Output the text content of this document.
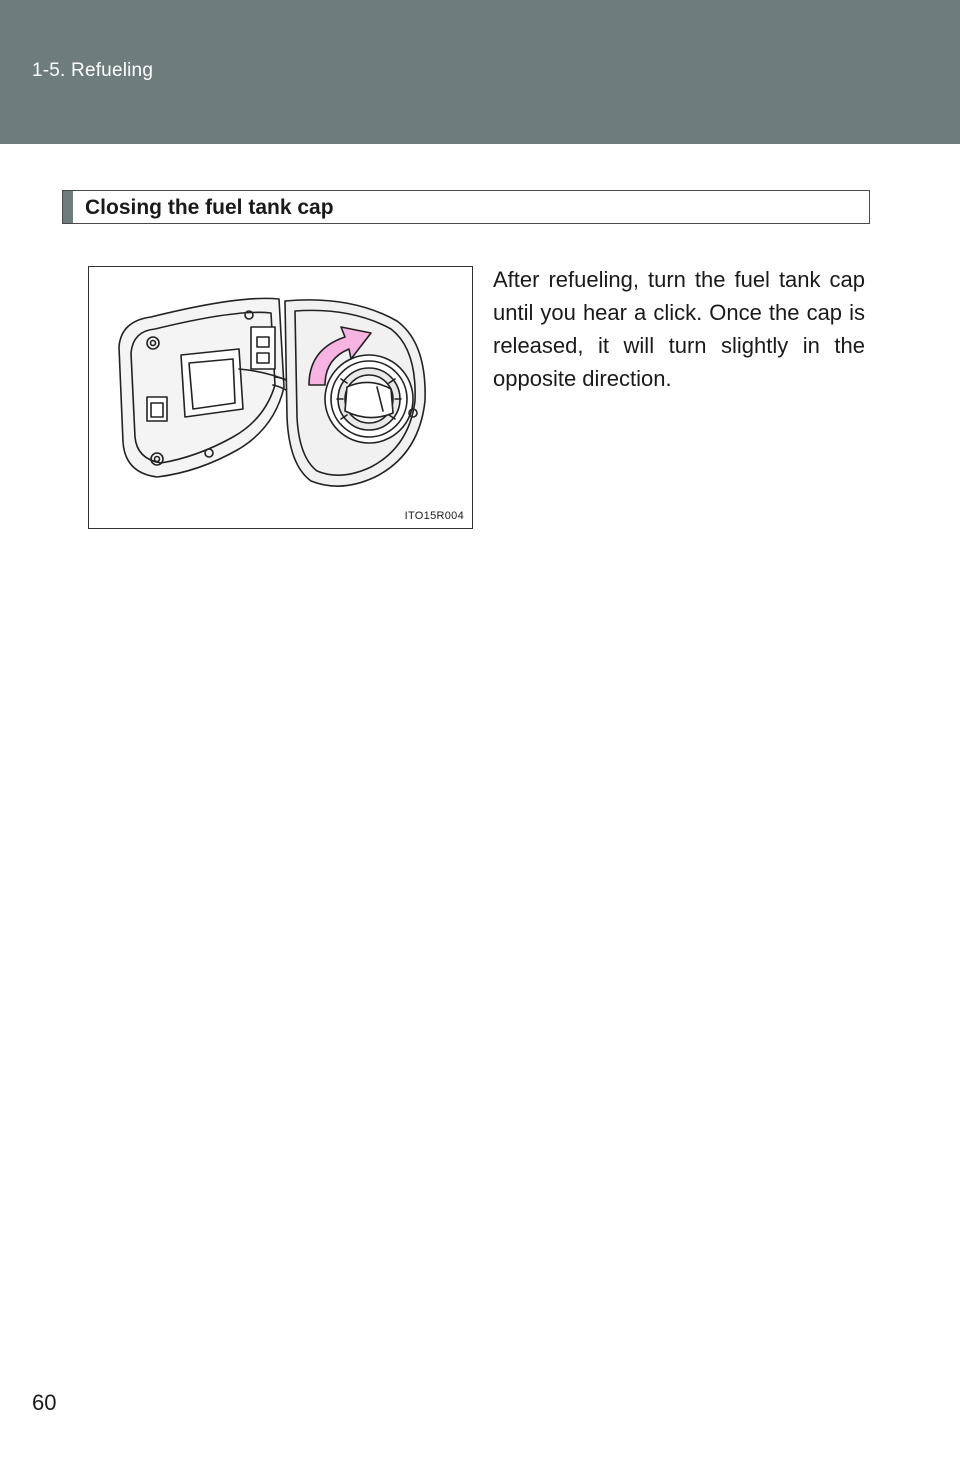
1-5. Refueling
Closing the fuel tank cap
ITO15R004
After refueling, turn the fuel tank cap until you hear a click. Once the cap is released, it will turn slightly in the opposite direction.
60
